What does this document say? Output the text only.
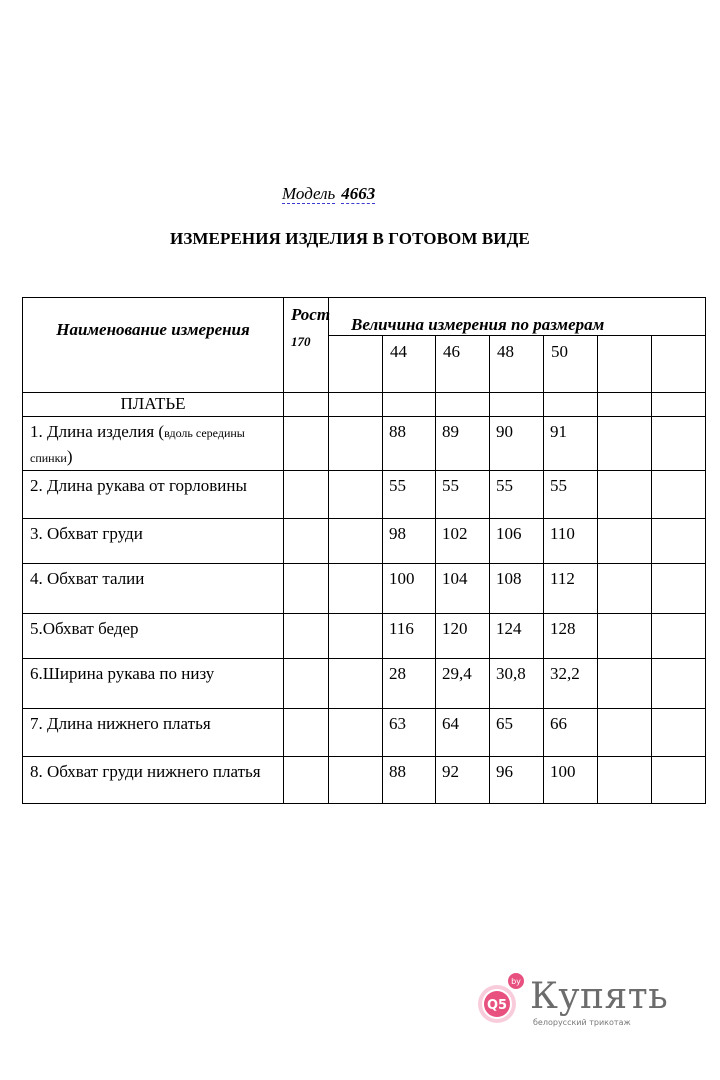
Модель 4663
ИЗМЕРЕНИЯ ИЗДЕЛИЯ В ГОТОВОМ ВИДЕ
Наименование измерения	Рост
170	Величина измерения по размерам						
			44	46	48	50		
ПЛАТЬЕ								
1. Длина изделия (вдоль середины спинки)			88	89	90	91		
2. Длина рукава от горловины			55	55	55	55		
3. Обхват груди			98	102	106	110		
4. Обхват талии			100	104	108	112		
5.Обхват бедер			116	120	124	128		
6.Ширина рукава по низу			28	29,4	30,8	32,2		
7. Длина нижнего платья			63	64	65	66		
8. Обхват груди нижнего платья			88	92	96	100		
by
Q5 Купять
белорусский трикотаж
